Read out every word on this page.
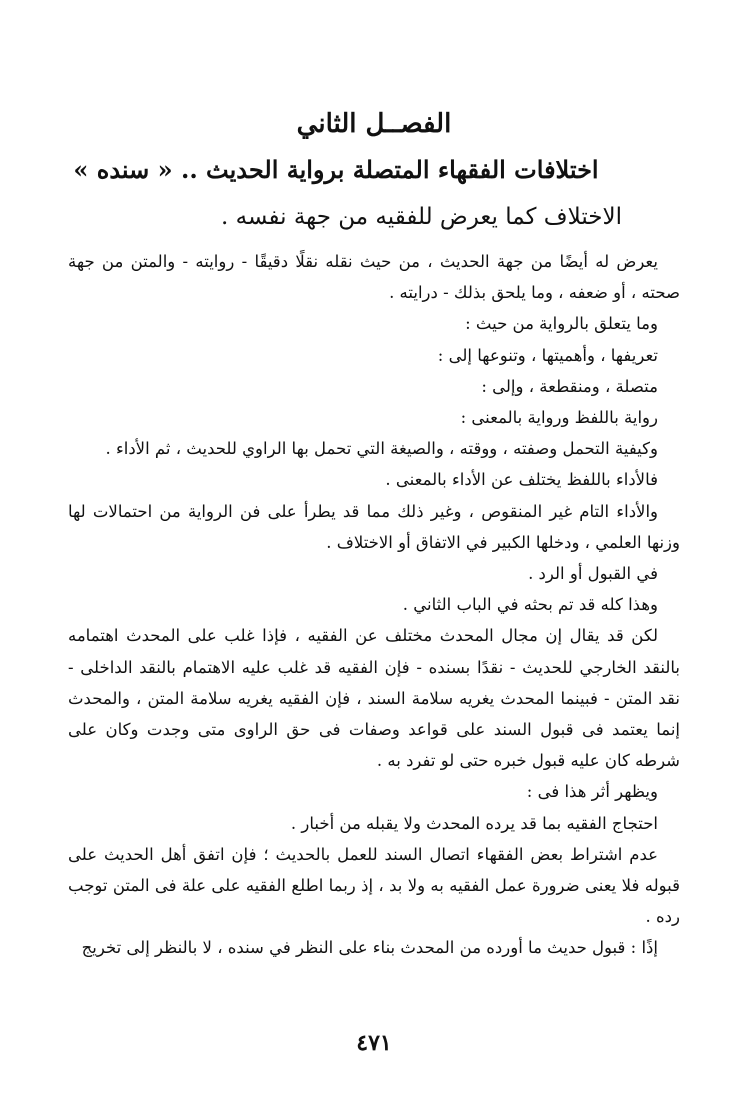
الفصــل الثاني
اختلافات الفقهاء المتصلة برواية الحديث .. « سنده »
الاختلاف كما يعرض للفقيه من جهة نفسه .

يعرض له أيضًا من جهة الحديث ، من حيث نقله نقلًا دقيقًا - روايته - والمتن من جهة صحته ، أو ضعفه ، وما يلحق بذلك - درايته .

وما يتعلق بالرواية من حيث :

تعريفها ، وأهميتها ، وتنوعها إلى :

متصلة ، ومنقطعة ، وإلى :

رواية باللفظ ورواية بالمعنى :

وكيفية التحمل وصفته ، ووقته ، والصيغة التي تحمل بها الراوي للحديث ، ثم الأداء .

فالأداء باللفظ يختلف عن الأداء بالمعنى .

والأداء التام غير المنقوص ، وغير ذلك مما قد يطرأ على فن الرواية من احتمالات لها وزنها العلمي ، ودخلها الكبير في الاتفاق أو الاختلاف .

في القبول أو الرد .

وهذا كله قد تم بحثه في الباب الثاني .

لكن قد يقال إن مجال المحدث مختلف عن الفقيه ، فإذا غلب على المحدث اهتمامه بالنقد الخارجي للحديث - نقدًا بسنده - فإن الفقيه قد غلب عليه الاهتمام بالنقد الداخلى - نقد المتن - فبينما المحدث يغريه سلامة السند ، فإن الفقيه يغريه سلامة المتن ، والمحدث إنما يعتمد فى قبول السند على قواعد وصفات فى حق الراوى متى وجدت وكان على شرطه كان عليه قبول خبره حتى لو تفرد به .

ويظهر أثر هذا فى :

احتجاج الفقيه بما قد يرده المحدث ولا يقبله من أخبار .

عدم اشتراط بعض الفقهاء اتصال السند للعمل بالحديث ؛ فإن اتفق أهل الحديث على قبوله فلا يعنى ضرورة عمل الفقيه به ولا بد ، إذ ربما اطلع الفقيه على علة فى المتن توجب رده .

إذًا : قبول حديث ما أورده من المحدث بناء على النظر في سنده ، لا بالنظر إلى تخريج

٤٧١
